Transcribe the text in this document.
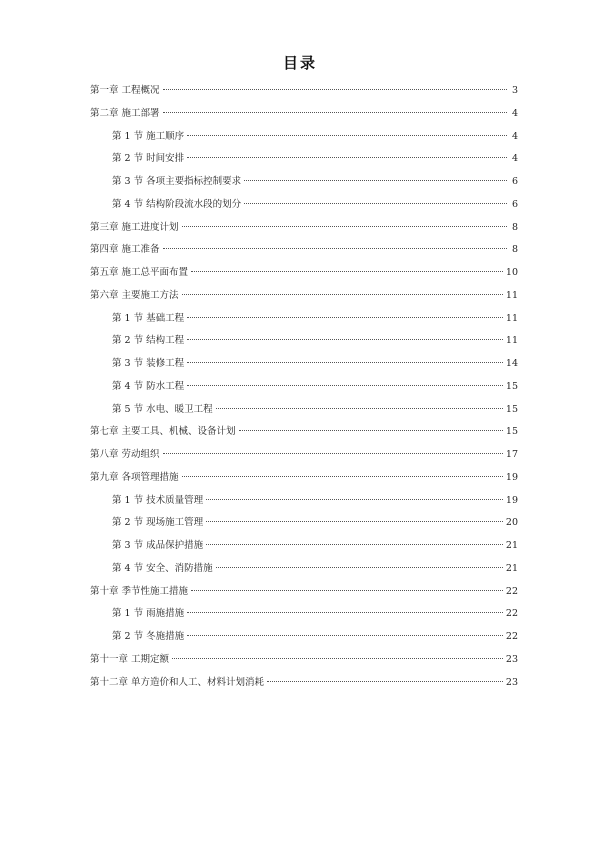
目录
第一章 工程概况	3
第二章 施工部署	4
第 1 节 施工顺序	4
第 2 节 时间安排	4
第 3 节 各项主要指标控制要求	6
第 4 节 结构阶段流水段的划分	6
第三章 施工进度计划	8
第四章 施工准备	8
第五章 施工总平面布置	10
第六章 主要施工方法	11
第 1 节 基础工程	11
第 2 节 结构工程	11
第 3 节 装修工程	14
第 4 节 防水工程	15
第 5 节 水电、暖卫工程	15
第七章 主要工具、机械、设备计划	15
第八章 劳动组织	17
第九章 各项管理措施	19
第 1 节 技术质量管理	19
第 2 节 现场施工管理	20
第 3 节 成品保护措施	21
第 4 节 安全、消防措施	21
第十章 季节性施工措施	22
第 1 节 雨施措施	22
第 2 节 冬施措施	22
第十一章 工期定额	23
第十二章 单方造价和人工、材料计划消耗	23
